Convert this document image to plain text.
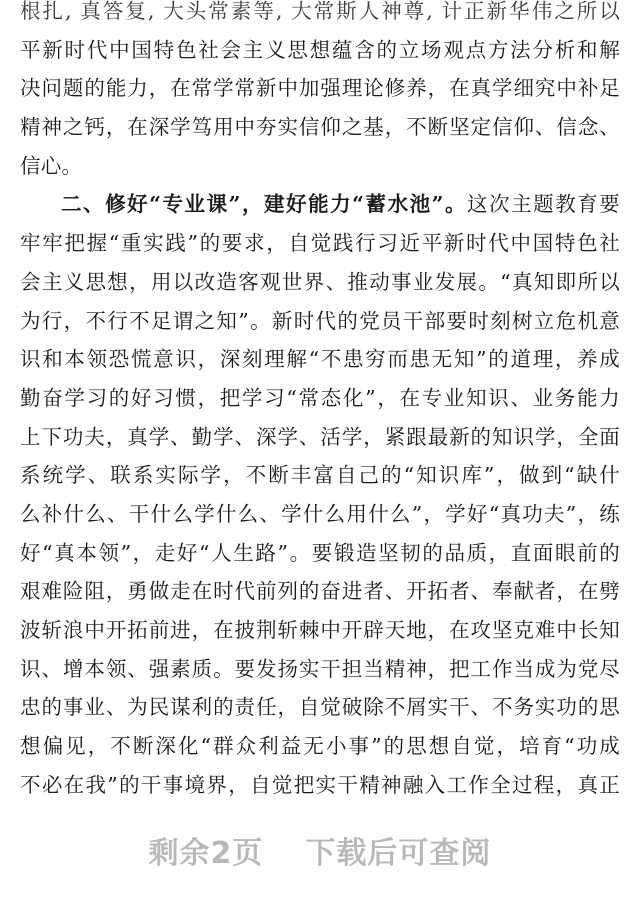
根扎, 真答复, 大头常素等, 大常斯人神尊, 计正新华伟之所以
平新时代中国特色社会主义思想蕴含的立场观点方法分析和解
决问题的能力，在常学常新中加强理论修养，在真学细究中补足
精神之钙，在深学笃用中夯实信仰之基，不断坚定信仰、信念、
信心。
二、修好“专业课”，建好能力“蓄水池”。这次主题教育要
牢牢把握“重实践”的要求，自觉践行习近平新时代中国特色社
会主义思想，用以改造客观世界、推动事业发展。“真知即所以
为行，不行不足谓之知”。新时代的党员干部要时刻树立危机意
识和本领恐慌意识，深刻理解“不患穷而患无知”的道理，养成
勤奋学习的好习惯，把学习“常态化”，在专业知识、业务能力
上下功夫，真学、勤学、深学、活学，紧跟最新的知识学，全面
系统学、联系实际学，不断丰富自己的“知识库”，做到“缺什
么补什么、干什么学什么、学什么用什么”，学好“真功夫”，练
好“真本领”，走好“人生路”。要锻造坚韧的品质，直面眼前的
艰难险阻，勇做走在时代前列的奋进者、开拓者、奉献者，在劈
波斩浪中开拓前进，在披荆斩棘中开辟天地，在攻坚克难中长知
识、增本领、强素质。要发扬实干担当精神，把工作当成为党尽
忠的事业、为民谋利的责任，自觉破除不屑实干、不务实功的思
想偏见，不断深化“群众利益无小事”的思想自觉，培育“功成
不必在我”的干事境界，自觉把实干精神融入工作全过程，真正
剩余2页 下载后可查阅
